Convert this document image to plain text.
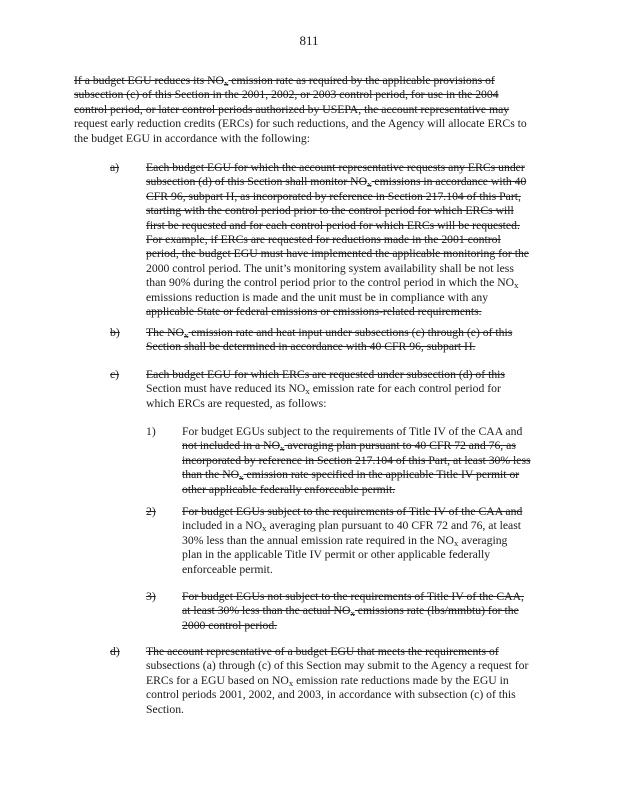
811
If a budget EGU reduces its $NO_x$ emission rate as required by the applicable provisions of
subsection (c) of this Section in the 2001, 2002, or 2003 control period, for use in the 2004
control period, or later control periods authorized by USEPA, the account representative may
request early reduction credits (ERCs) for such reductions, and the Agency will allocate ERCs to
the budget EGU in accordance with the following:
a) Each budget EGU for which the account representative requests any ERCs under
subsection (d) of this Section shall monitor $NO_x$ emissions in accordance with 40
CFR 96, subpart H, as incorporated by reference in Section 217.104 of this Part,
starting with the control period prior to the control period for which ERCs will
first be requested and for each control period for which ERCs will be requested.
For example, if ERCs are requested for reductions made in the 2001 control
period, the budget EGU must have implemented the applicable monitoring for the
2000 control period. The unit’s monitoring system availability shall be not less
than 90% during the control period prior to the control period in which the $NO_x$
emissions reduction is made and the unit must be in compliance with any
applicable State or federal emissions or emissions-related requirements.
b) The $NO_x$ emission rate and heat input under subsections (c) through (e) of this
Section shall be determined in accordance with 40 CFR 96, subpart H.
c) Each budget EGU for which ERCs are requested under subsection (d) of this
Section must have reduced its $NO_x$ emission rate for each control period for
which ERCs are requested, as follows:
1) For budget EGUs subject to the requirements of Title IV of the CAA and
not included in a $NO_x$ averaging plan pursuant to 40 CFR 72 and 76, as
incorporated by reference in Section 217.104 of this Part, at least 30% less
than the $NO_x$ emission rate specified in the applicable Title IV permit or
other applicable federally enforceable permit.
2) For budget EGUs subject to the requirements of Title IV of the CAA and
included in a $NO_x$ averaging plan pursuant to 40 CFR 72 and 76, at least
30% less than the annual emission rate required in the $NO_x$ averaging
plan in the applicable Title IV permit or other applicable federally
enforceable permit.
3) For budget EGUs not subject to the requirements of Title IV of the CAA,
at least 30% less than the actual $NO_x$ emissions rate (lbs/mmbtu) for the
2000 control period.
d) The account representative of a budget EGU that meets the requirements of
subsections (a) through (c) of this Section may submit to the Agency a request for
ERCs for a EGU based on $NO_x$ emission rate reductions made by the EGU in
control periods 2001, 2002, and 2003, in accordance with subsection (c) of this
Section.
